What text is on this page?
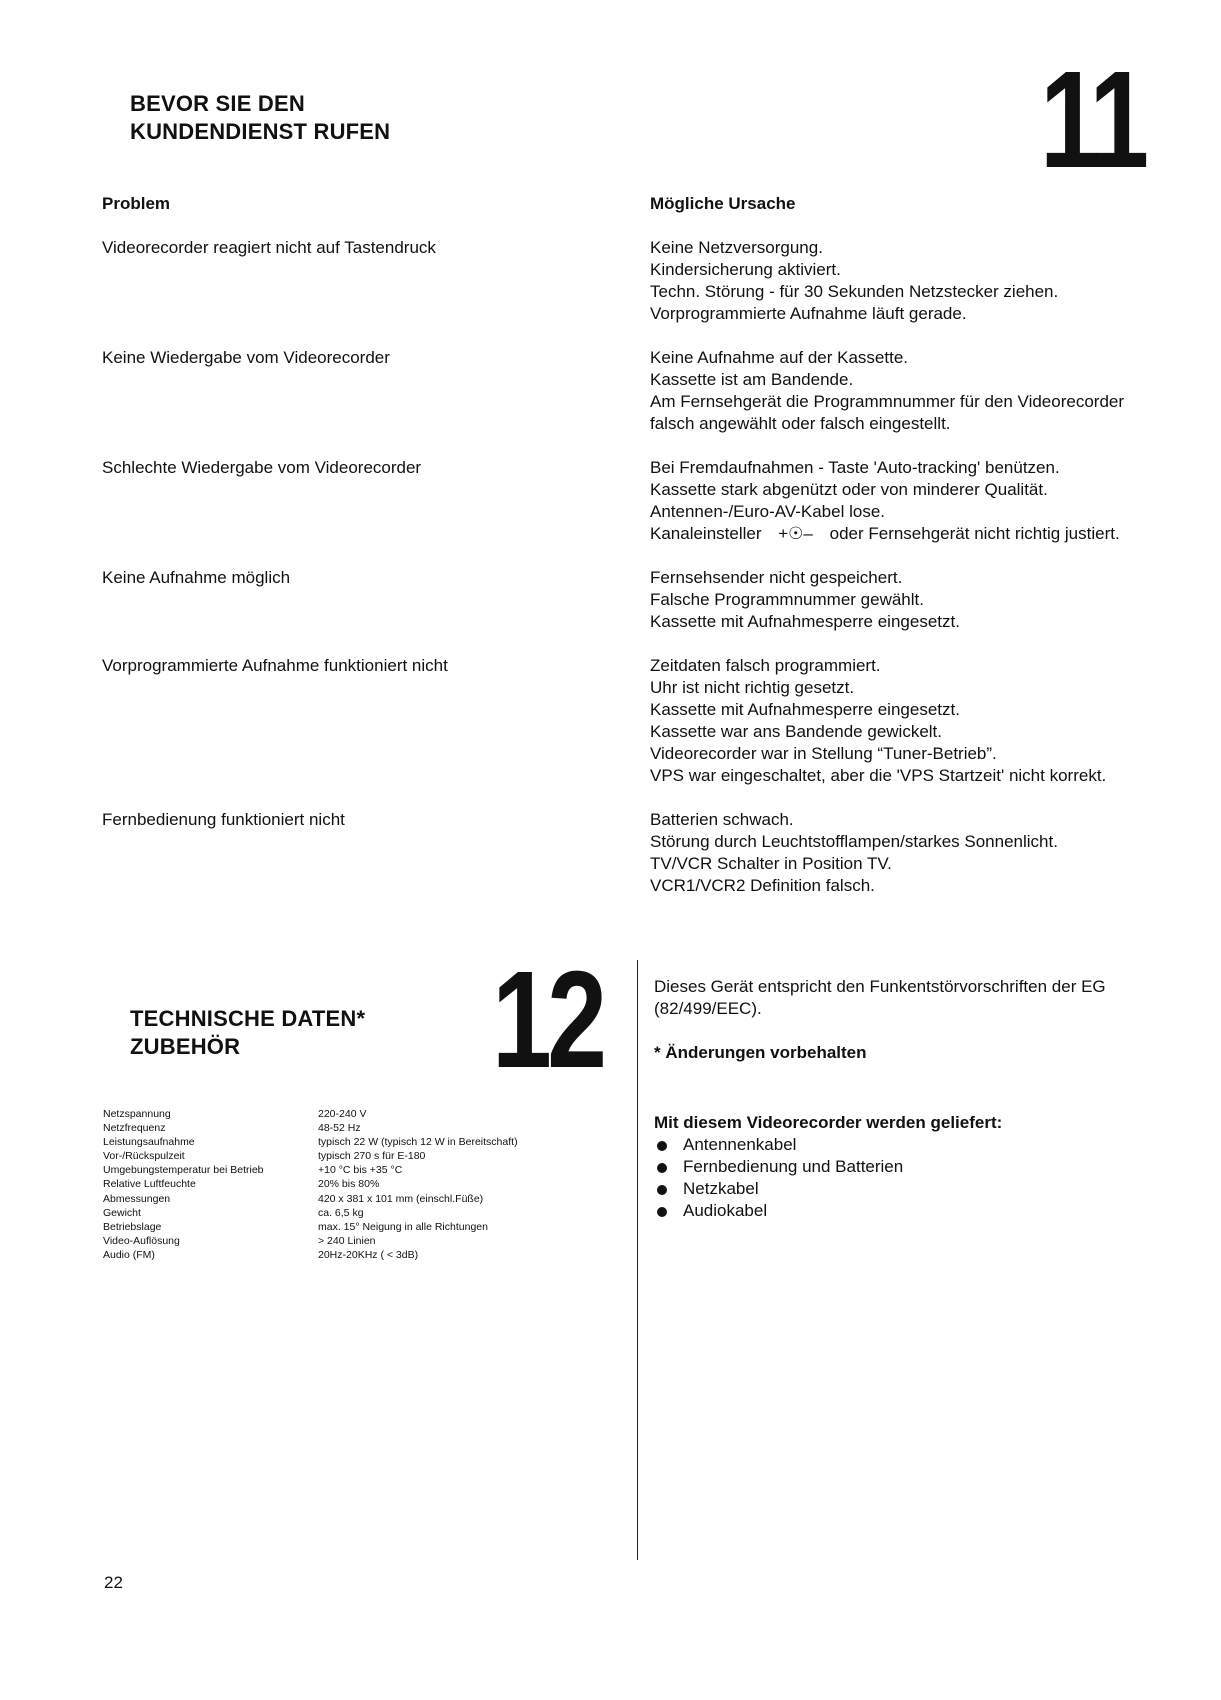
BEVOR SIE DEN
KUNDENDIENST RUFEN	11
Problem	Mögliche Ursache
Videorecorder reagiert nicht auf Tastendruck	Keine Netzversorgung.
Kindersicherung aktiviert.
Techn. Störung - für 30 Sekunden Netzstecker ziehen.
Vorprogrammierte Aufnahme läuft gerade.
Keine Wiedergabe vom Videorecorder	Keine Aufnahme auf der Kassette.
Kassette ist am Bandende.
Am Fernsehgerät die Programmnummer für den Videorecorder
falsch angewählt oder falsch eingestellt.
Schlechte Wiedergabe vom Videorecorder	Bei Fremdaufnahmen - Taste 'Auto-tracking' benützen.
Kassette stark abgenützt oder von minderer Qualität.
Antennen-/Euro-AV-Kabel lose.
Kanaleinsteller +☉– oder Fernsehgerät nicht richtig justiert.
Keine Aufnahme möglich	Fernsehsender nicht gespeichert.
Falsche Programmnummer gewählt.
Kassette mit Aufnahmesperre eingesetzt.
Vorprogrammierte Aufnahme funktioniert nicht	Zeitdaten falsch programmiert.
Uhr ist nicht richtig gesetzt.
Kassette mit Aufnahmesperre eingesetzt.
Kassette war ans Bandende gewickelt.
Videorecorder war in Stellung “Tuner-Betrieb”.
VPS war eingeschaltet, aber die 'VPS Startzeit' nicht korrekt.
Fernbedienung funktioniert nicht	Batterien schwach.
Störung durch Leuchtstofflampen/starkes Sonnenlicht.
TV/VCR Schalter in Position TV.
VCR1/VCR2 Definition falsch.
TECHNISCHE DATEN*
ZUBEHÖR	12
Netzspannung	220-240 V
Netzfrequenz	48-52 Hz
Leistungsaufnahme	typisch 22 W (typisch 12 W in Bereitschaft)
Vor-/Rückspulzeit	typisch 270 s für E-180
Umgebungstemperatur bei Betrieb	+10 °C bis +35 °C
Relative Luftfeuchte	20% bis 80%
Abmessungen	420 x 381 x 101 mm (einschl.Füße)
Gewicht	ca. 6,5 kg
Betriebslage	max. 15° Neigung in alle Richtungen
Video-Auflösung	> 240 Linien
Audio (FM)	20Hz-20KHz ( < 3dB)
Dieses Gerät entspricht den Funkentstörvorschriften der EG
(82/499/EEC).
* Änderungen vorbehalten
Mit diesem Videorecorder werden geliefert:
Antennenkabel
Fernbedienung und Batterien
Netzkabel
Audiokabel
22
